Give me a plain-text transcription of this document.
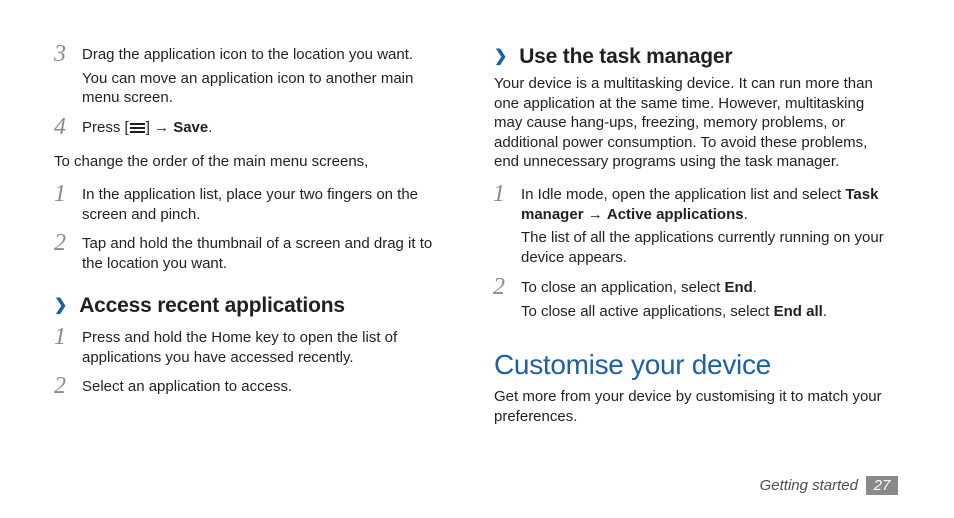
3 Drag the application icon to the location you want.

You can move an application icon to another main menu screen.

4 Press [ ] → Save.

To change the order of the main menu screens,

1 In the application list, place your two fingers on the screen and pinch.

2 Tap and hold the thumbnail of a screen and drag it to the location you want.

❯ Access recent applications
1 Press and hold the Home key to open the list of applications you have accessed recently.

2 Select an application to access.

❯ Use the task manager

Your device is a multitasking device. It can run more than one application at the same time. However, multitasking may cause hang-ups, freezing, memory problems, or additional power consumption. To avoid these problems, end unnecessary programs using the task manager.

1 In Idle mode, open the application list and select Task manager → Active applications.

The list of all the applications currently running on your device appears.

2 To close an application, select End.

To close all active applications, select End all.

Customise your device

Get more from your device by customising it to match your preferences.

Getting started	27
